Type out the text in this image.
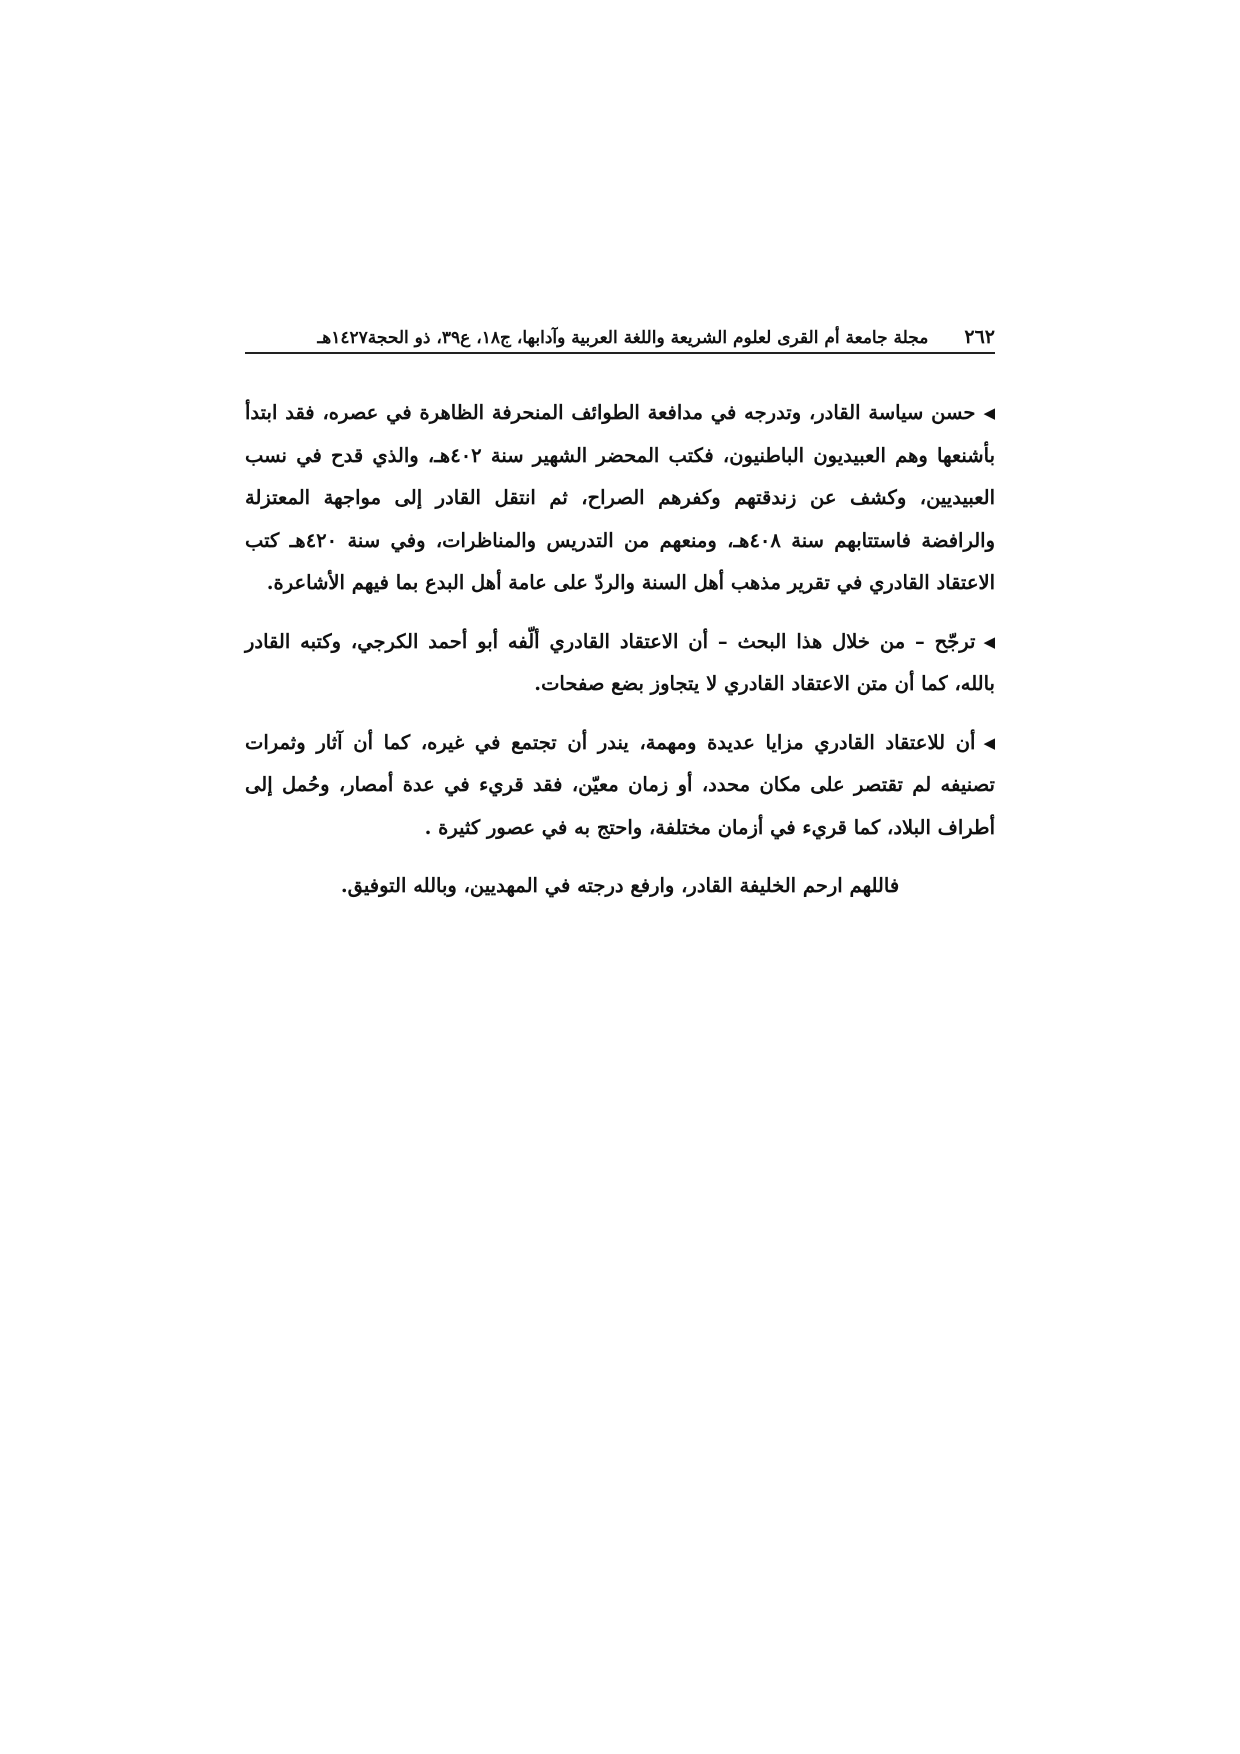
٢٦٢
مجلة جامعة أم القرى لعلوم الشريعة واللغة العربية وآدابها، ج١٨، ع٣٩، ذو الحجة١٤٢٧هـ

◀حسن سياسة القادر، وتدرجه في مدافعة الطوائف المنحرفة الظاهرة في عصره، فقد ابتدأ بأشنعها وهم العبيديون الباطنيون، فكتب المحضر الشهير سنة ٤٠٢هـ، والذي قدح في نسب العبيديين، وكشف عن زندقتهم وكفرهم الصراح، ثم انتقل القادر إلى مواجهة المعتزلة والرافضة فاستتابهم سنة ٤٠٨هـ، ومنعهم من التدريس والمناظرات، وفي سنة ٤٢٠هـ كتب الاعتقاد القادري في تقرير مذهب أهل السنة والردّ على عامة أهل البدع بما فيهم الأشاعرة.

◀ترجّح – من خلال هذا البحث – أن الاعتقاد القادري ألّفه أبو أحمد الكرجي، وكتبه القادر بالله، كما أن متن الاعتقاد القادري لا يتجاوز بضع صفحات.

◀أن للاعتقاد القادري مزايا عديدة ومهمة، يندر أن تجتمع في غيره، كما أن آثار وثمرات تصنيفه لم تقتصر على مكان محدد، أو زمان معيّن، فقد قريء في عدة أمصار، وحُمل إلى أطراف البلاد، كما قريء في أزمان مختلفة، واحتج به في عصور كثيرة .

فاللهم ارحم الخليفة القادر، وارفع درجته في المهديين، وبالله التوفيق.
